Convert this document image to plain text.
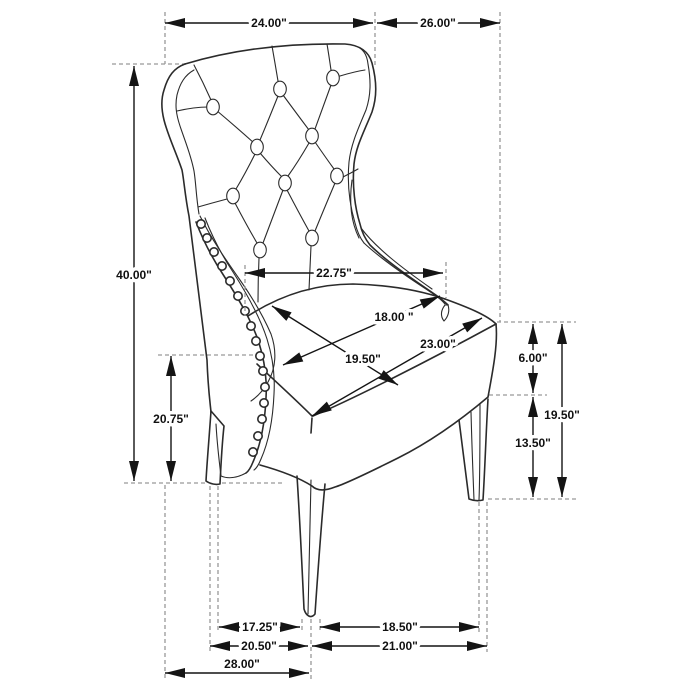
24.00"	26.00"
40.00"	22.75"
18.00 "
19.50"
23.00"
20.75"
6.00"
13.50"
19.50"
17.25"	18.50"
20.50"	21.00"
28.00"
